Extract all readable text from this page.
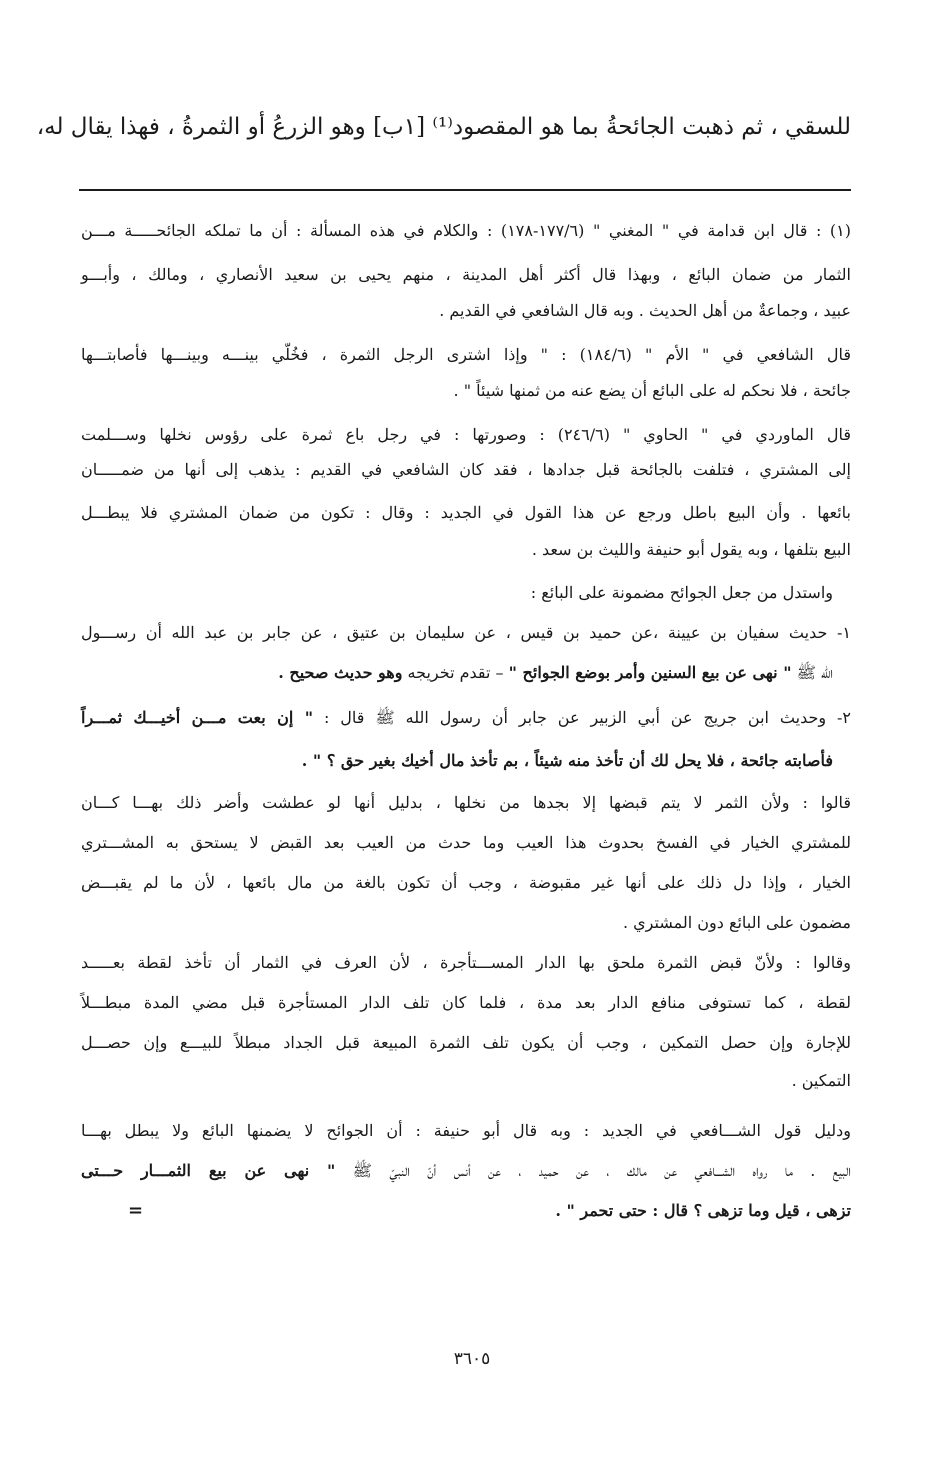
للسقي ، ثم ذهبت الجائحةُ بما هو المقصود⁽¹⁾ [١ب] وهو الزرعُ أو الثمرةُ ، فهذا يقال له،
(١) : قال ابن قدامة في " المغني " (١٧٧/٦-١٧٨) : والكلام في هذه المسألة : أن ما تملكه الجائحـــــة مـــن
الثمار من ضمان البائع ، وبهذا قال أكثر أهل المدينة ، منهم يحيى بن سعيد الأنصاري ، ومالك ، وأبـــو
عبيد ، وجماعةٌ من أهل الحديث . وبه قال الشافعي في القديم .
قال الشافعي في " الأم " (١٨٤/٦) : " وإذا اشترى الرجل الثمرة ، فخُلّي بينـــه وبينـــها فأصابتـــها
جائحة ، فلا نحكم له على البائع أن يضع عنه من ثمنها شيئاً " .
قال الماوردي في " الحاوي " (٢٤٦/٦) : وصورتها : في رجل باع ثمرة على رؤوس نخلها وســـلمت
إلى المشتري ، فتلفت بالجائحة قبل جدادها ، فقد كان الشافعي في القديم : يذهب إلى أنها من ضمـــــان
بائعها . وأن البيع باطل ورجع عن هذا القول في الجديد : وقال : تكون من ضمان المشتري فلا يبطـــل
البيع بتلفها ، وبه يقول أبو حنيفة والليث بن سعد .
واستدل من جعل الجوائح مضمونة على البائع :
١- حديث سفيان بن عيينة ،عن حميد بن قيس ، عن سليمان بن عتيق ، عن جابر بن عبد الله أن رســـول
الله ﷺ " نهى عن بيع السنين وأمر بوضع الجوائح " – تقدم تخريجه وهو حديث صحيح .
٢- وحديث ابن جريج عن أبي الزبير عن جابر أن رسول الله ﷺ قال : " إن بعت مـــن أخيـــك ثمـــراً
فأصابته جائحة ، فلا يحل لك أن تأخذ منه شيئاً ، بم تأخذ مال أخيك بغير حق ؟ " .
قالوا : ولأن الثمر لا يتم قبضها إلا بجدها من نخلها ، بدليل أنها لو عطشت وأضر ذلك بهـــا كـــان
للمشتري الخيار في الفسخ بحدوث هذا العيب وما حدث من العيب بعد القبض لا يستحق به المشـــتري
الخيار ، وإذا دل ذلك على أنها غير مقبوضة ، وجب أن تكون بالغة من مال بائعها ، لأن ما لم يقبـــض
مضمون على البائع دون المشتري .
وقالوا : ولأنّ قبض الثمرة ملحق بها الدار المســـتأجرة ، لأن العرف في الثمار أن تأخذ لقطة بعـــــد
لقطة ، كما تستوفى منافع الدار بعد مدة ، فلما كان تلف الدار المستأجرة قبل مضي المدة مبطـــلاً
للإجارة وإن حصل التمكين ، وجب أن يكون تلف الثمرة المبيعة قبل الجداد مبطلاً للبيـــع وإن حصـــل
التمكين .
ودليل قول الشـــافعي في الجديد : وبه قال أبو حنيفة : أن الجوائح لا يضمنها البائع ولا يبطل بهـــا
البيع . ما رواه الشـــافعي عن مالك ، عن حميد ، عن أنس أنّ النبيّ ﷺ " نهى عن بيع الثمـــار حـــتى
تزهى ، قيل وما تزهى ؟ قال : حتى تحمر " .
=
٣٦٠٥
